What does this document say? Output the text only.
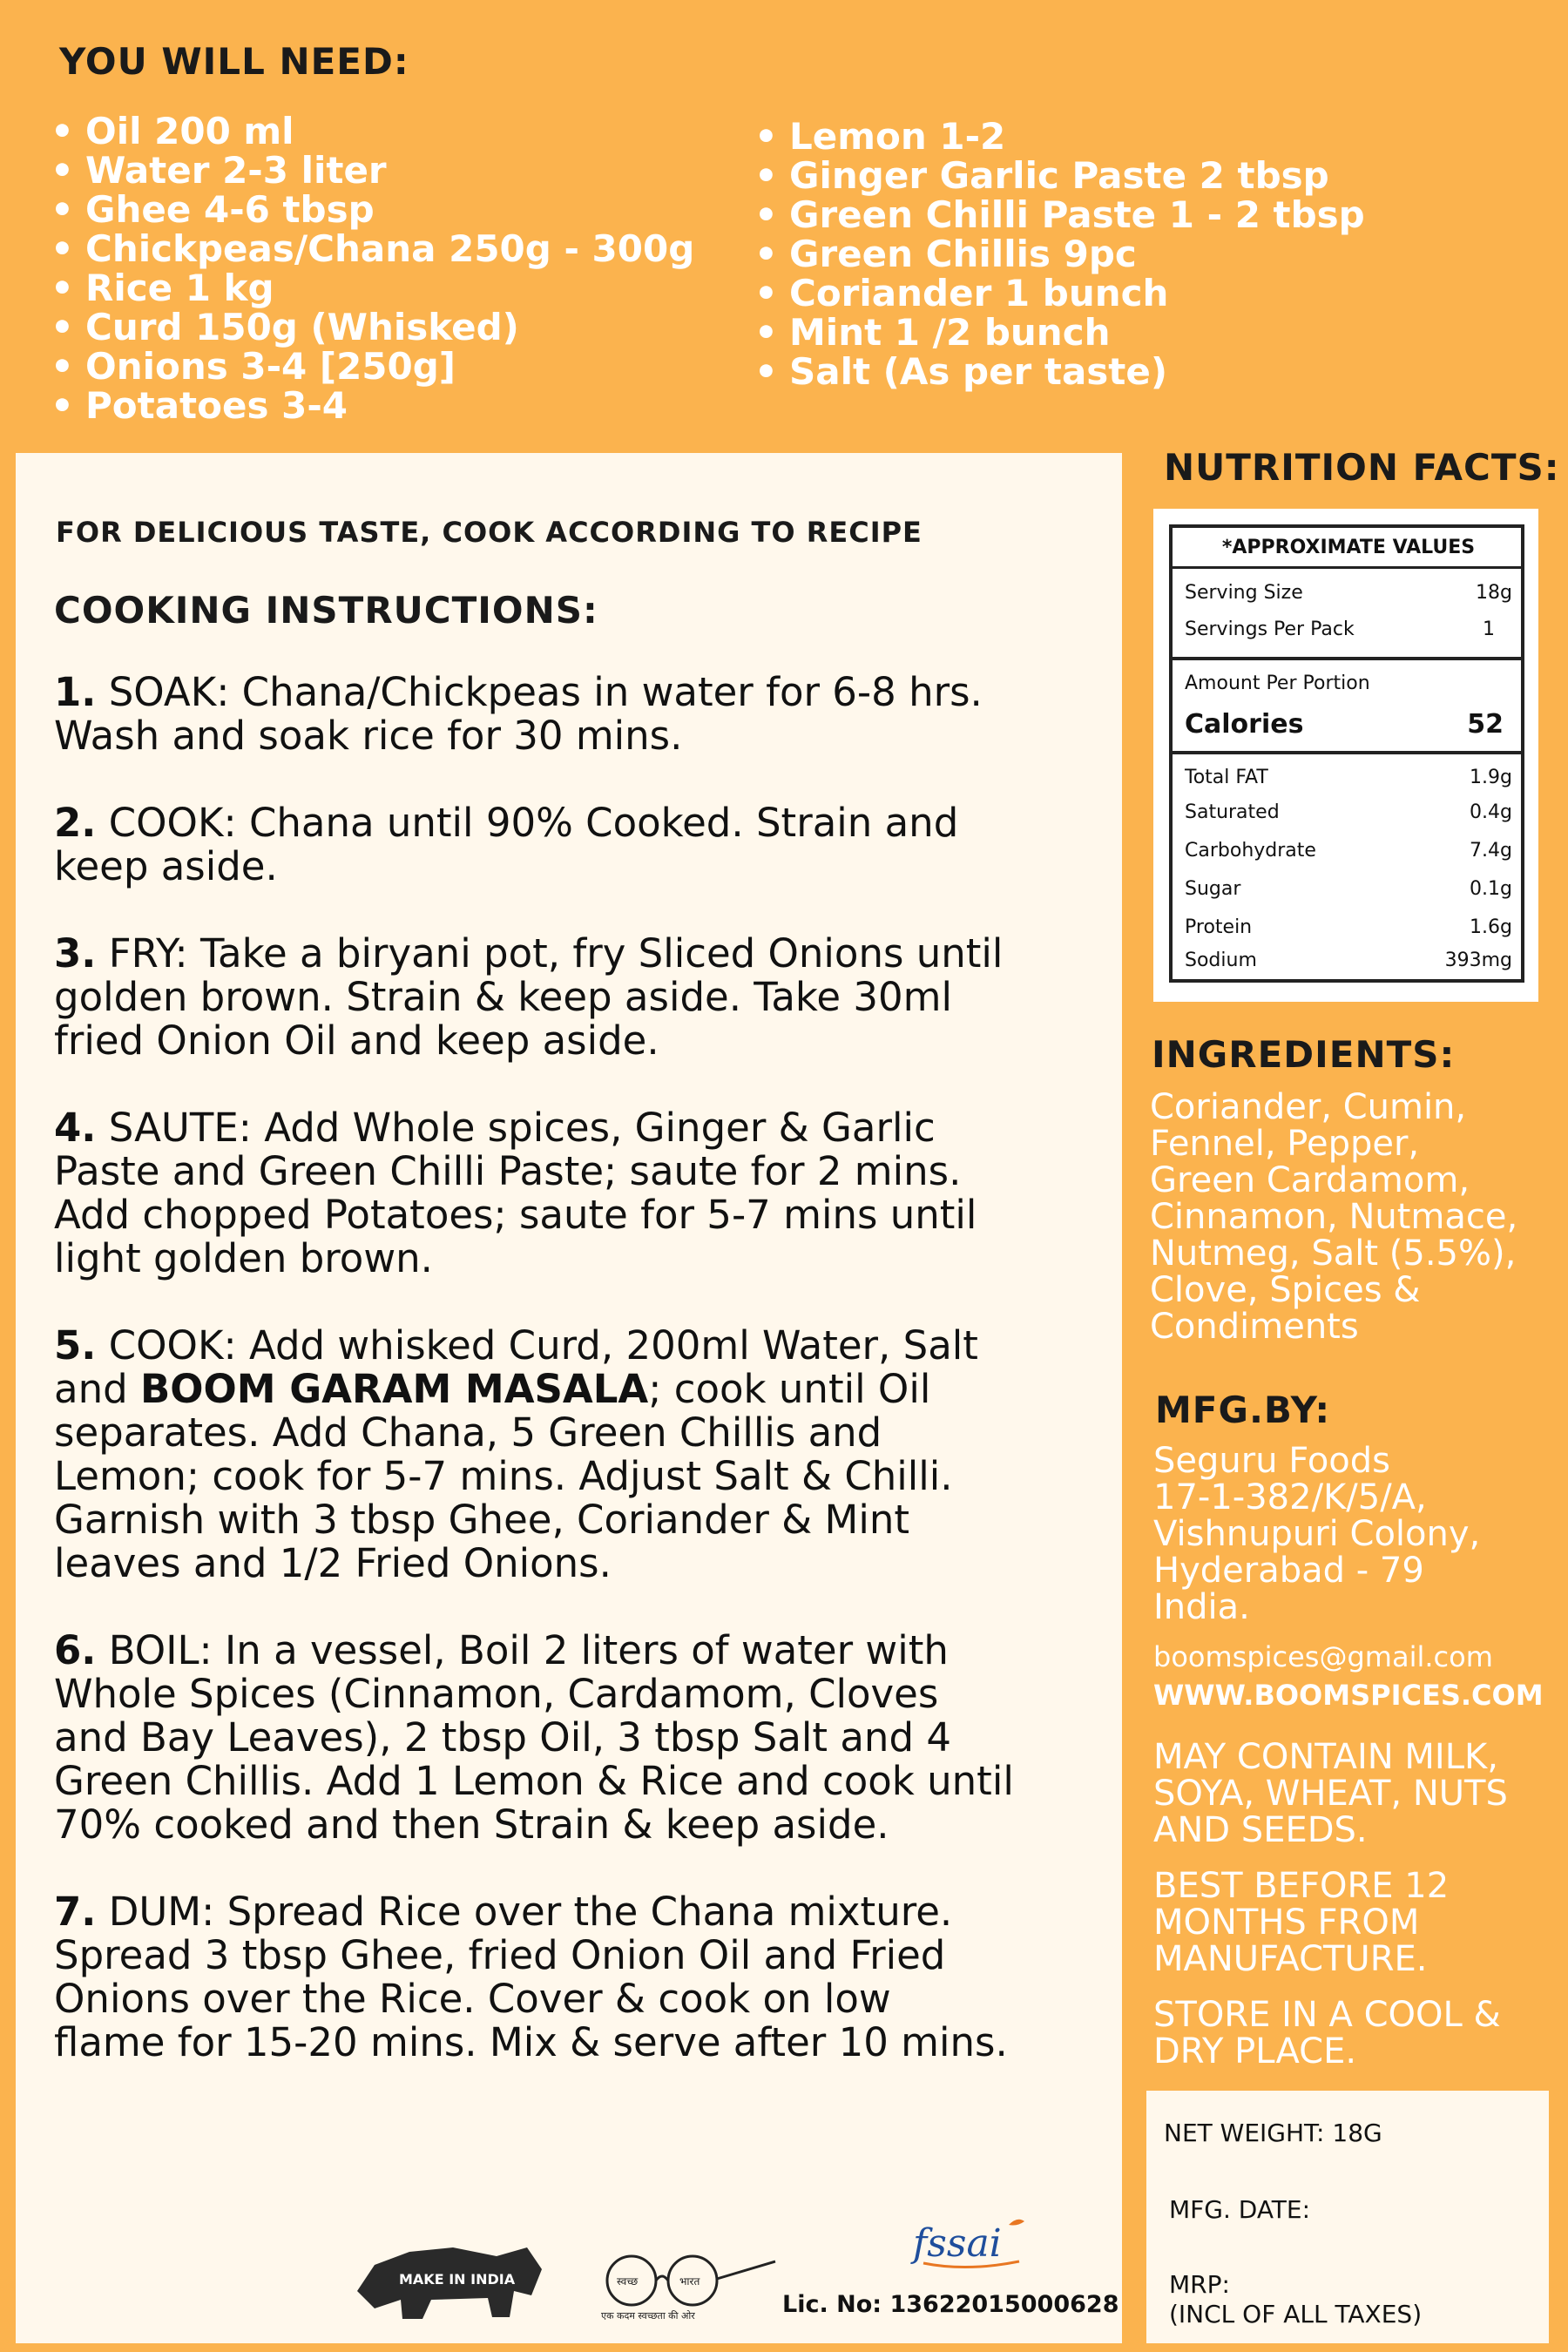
YOU WILL NEED:
• Oil 200 ml
• Water 2-3 liter
• Ghee 4-6 tbsp
• Chickpeas/Chana 250g - 300g
• Rice 1 kg
• Curd 150g (Whisked)
• Onions 3-4 [250g]
• Potatoes 3-4
• Lemon 1-2
• Ginger Garlic Paste 2 tbsp
• Green Chilli Paste 1 - 2 tbsp
• Green Chillis 9pc
• Coriander 1 bunch
• Mint 1 /2 bunch
• Salt (As per taste)
FOR DELICIOUS TASTE, COOK ACCORDING TO RECIPE
COOKING INSTRUCTIONS:
1. SOAK: Chana/Chickpeas in water for 6-8 hrs.
Wash and soak rice for 30 mins.
2. COOK: Chana until 90% Cooked. Strain and
keep aside.
3. FRY: Take a biryani pot, fry Sliced Onions until
golden brown. Strain & keep aside. Take 30ml
fried Onion Oil and keep aside.
4. SAUTE: Add Whole spices, Ginger & Garlic
Paste and Green Chilli Paste; saute for 2 mins.
Add chopped Potatoes; saute for 5-7 mins until
light golden brown.
5. COOK: Add whisked Curd, 200ml Water, Salt
and BOOM GARAM MASALA; cook until Oil
separates. Add Chana, 5 Green Chillis and
Lemon; cook for 5-7 mins. Adjust Salt & Chilli.
Garnish with 3 tbsp Ghee, Coriander & Mint
leaves and 1/2 Fried Onions.
6. BOIL: In a vessel, Boil 2 liters of water with
Whole Spices (Cinnamon, Cardamom, Cloves
and Bay Leaves), 2 tbsp Oil, 3 tbsp Salt and 4
Green Chillis. Add 1 Lemon & Rice and cook until
70% cooked and then Strain & keep aside.
7. DUM: Spread Rice over the Chana mixture.
Spread 3 tbsp Ghee, fried Onion Oil and Fried
Onions over the Rice. Cover & cook on low
flame for 15-20 mins. Mix & serve after 10 mins.
MAKE IN INDIA	स्वच्छ	भारत
एक कदम स्वच्छता की ओर
fssai
Lic. No: 13622015000628
NUTRITION FACTS:
*APPROXIMATE VALUES
Serving Size	18g
Servings Per Pack	1
Amount Per Portion
Calories	52
Total FAT	1.9g
Saturated	0.4g
Carbohydrate	7.4g
Sugar	0.1g
Protein	1.6g
Sodium	393mg
INGREDIENTS:
Coriander, Cumin,
Fennel, Pepper,
Green Cardamom,
Cinnamon, Nutmace,
Nutmeg, Salt (5.5%),
Clove, Spices &
Condiments
MFG.BY:
Seguru Foods
17-1-382/K/5/A,
Vishnupuri Colony,
Hyderabad - 79
India.
boomspices@gmail.com
WWW.BOOMSPICES.COM
MAY CONTAIN MILK,
SOYA, WHEAT, NUTS
AND SEEDS.
BEST BEFORE 12
MONTHS FROM
MANUFACTURE.
STORE IN A COOL &
DRY PLACE.
NET WEIGHT: 18G
MFG. DATE:
MRP:
(INCL OF ALL TAXES)
